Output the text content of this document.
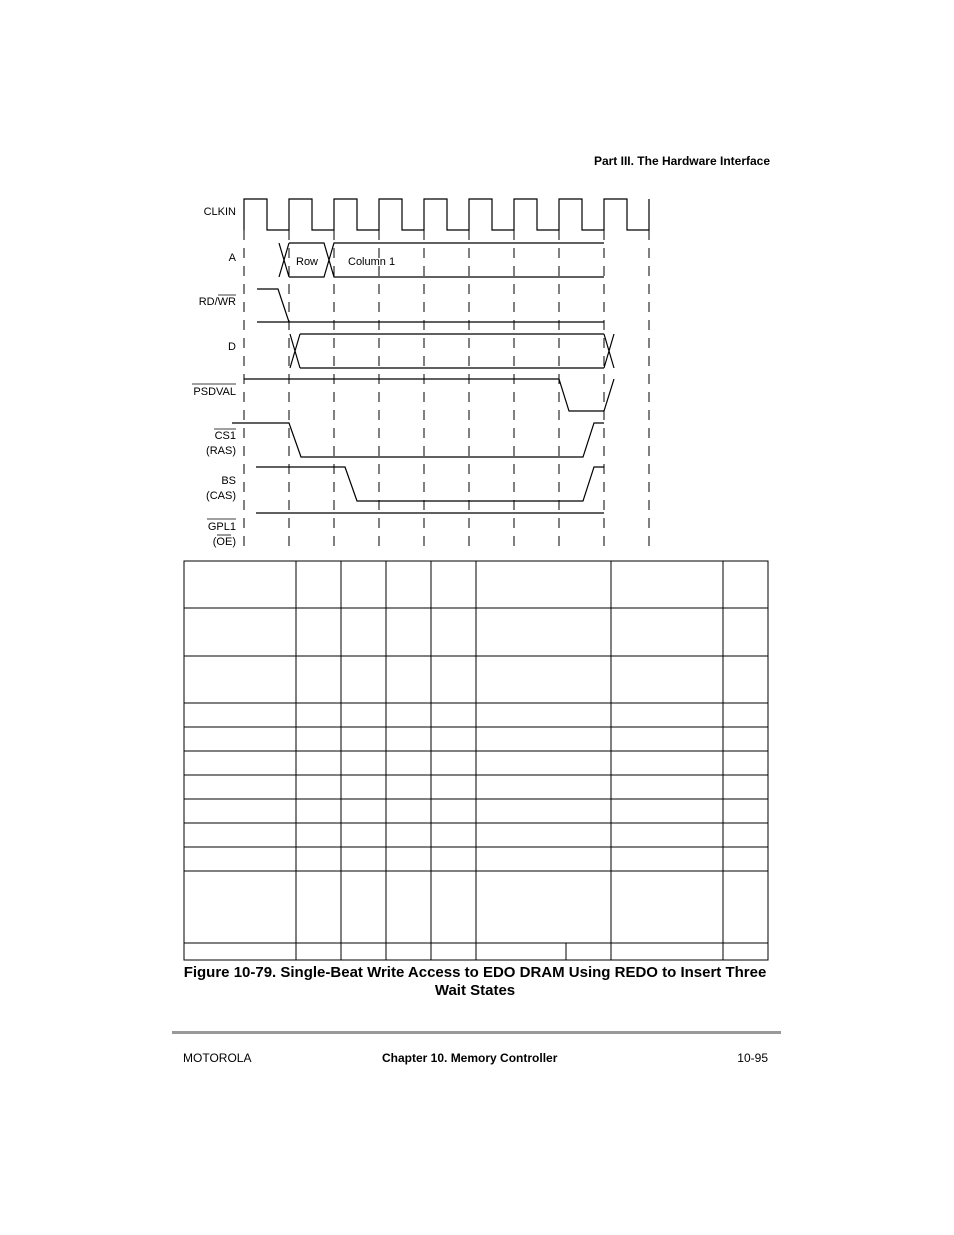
Part III. The Hardware Interface
CLKIN
A
RD/WR
D
PSDVAL
CS1
(RAS)
BS
(CAS)
GPL1
(OE)
Row	Column 1
Figure 10-79. Single-Beat Write Access to EDO DRAM Using REDO to Insert Three
Wait States
MOTOROLA	Chapter 10. Memory Controller	10-95
